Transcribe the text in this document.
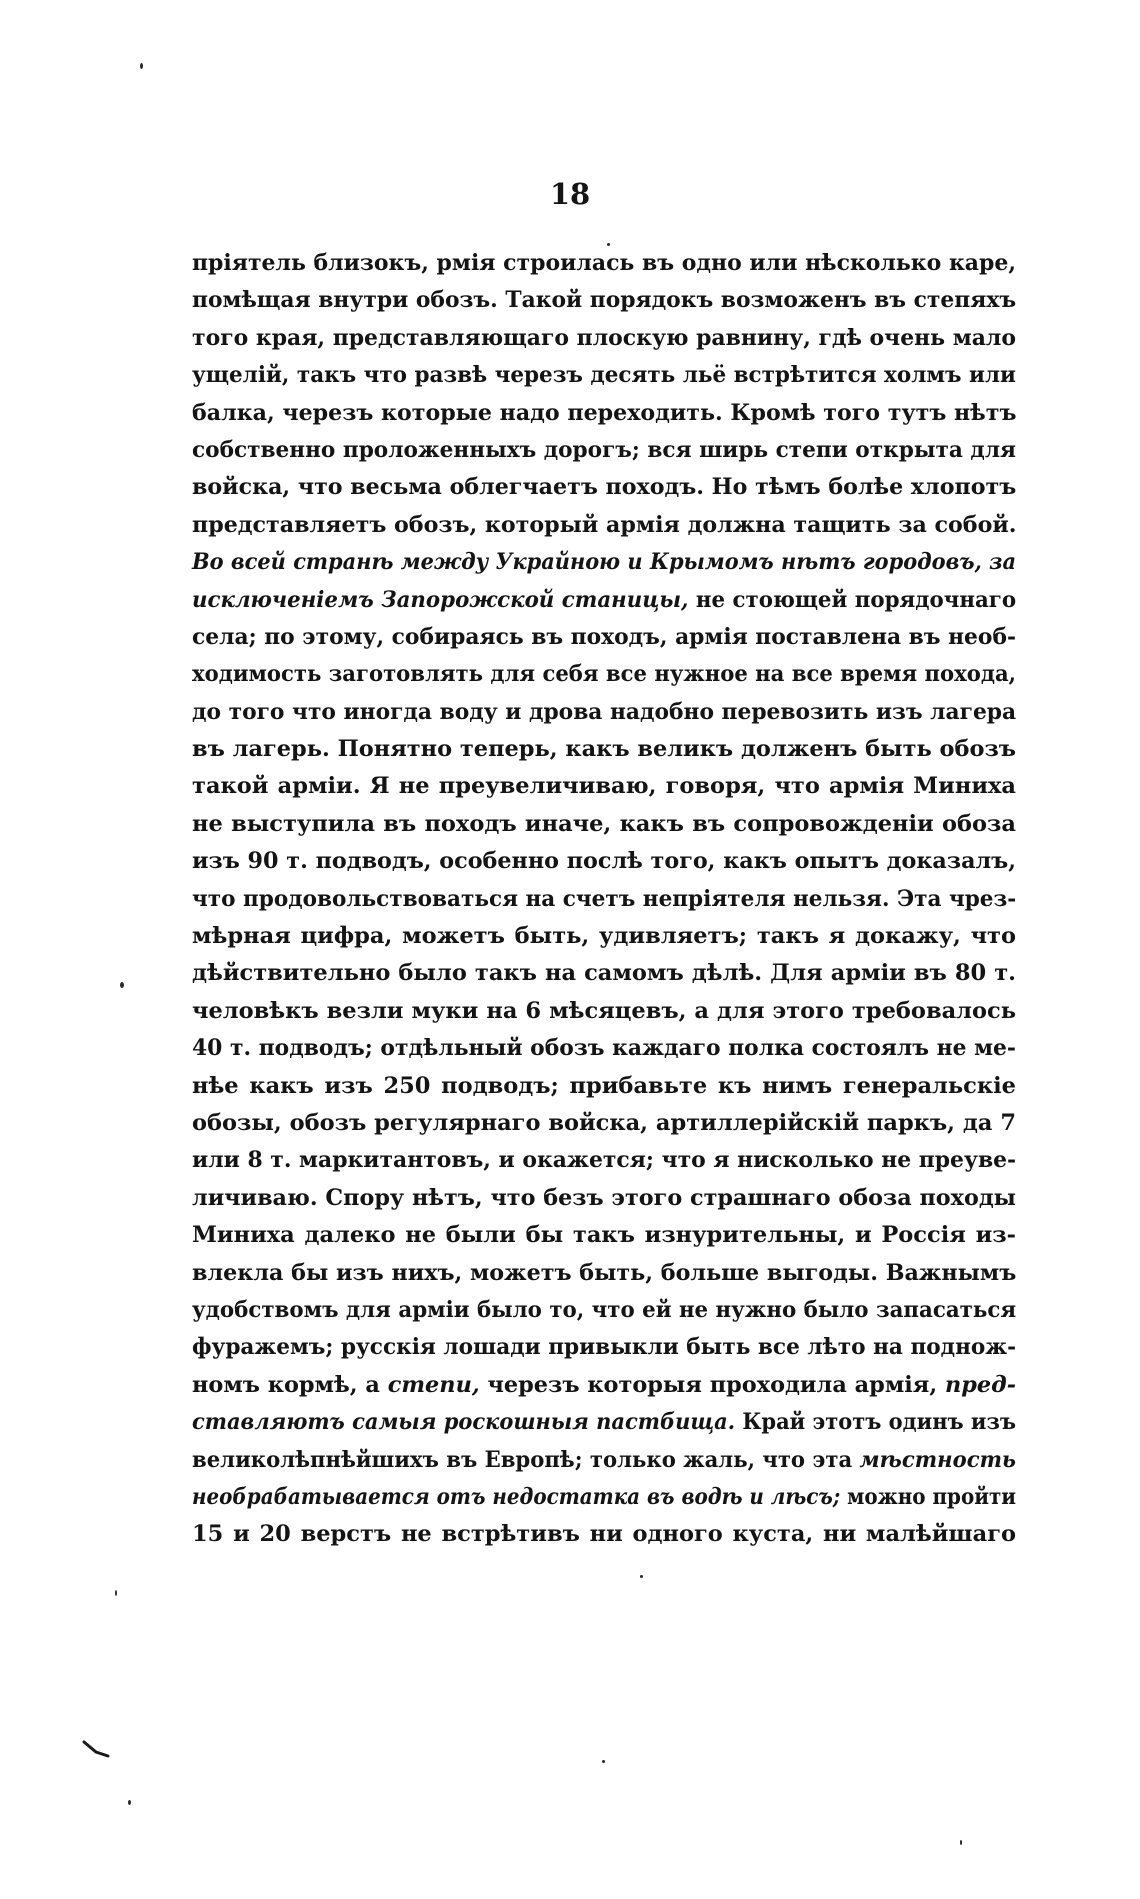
18
пріятель близокъ, рмія строилась въ одно или нѣсколько каре,
помѣщая внутри обозъ. Такой порядокъ возможенъ въ степяхъ
того края, представляющаго плоскую равнину, гдѣ очень мало
ущелій, такъ что развѣ черезъ десять льё встрѣтится холмъ или
балка, черезъ которые надо переходить. Кромѣ того тутъ нѣтъ
собственно проложенныхъ дорогъ; вся ширь степи открыта для
войска, что весьма облегчаетъ походъ. Но тѣмъ болѣе хлопотъ
представляетъ обозъ, который армія должна тащить за собой.
Во всей странѣ между Украйною и Крымомъ нѣтъ городовъ, за
исключеніемъ Запорожской станицы, не стоющей порядочнаго
села; по этому, собираясь въ походъ, армія поставлена въ необ-
ходимость заготовлять для себя все нужное на все время похода,
до того что иногда воду и дрова надобно перевозить изъ лагера
въ лагерь. Понятно теперь, какъ великъ долженъ быть обозъ
такой арміи. Я не преувеличиваю, говоря, что армія Миниха
не выступила въ походъ иначе, какъ въ сопровожденіи обоза
изъ 90 т. подводъ, особенно послѣ того, какъ опытъ доказалъ,
что продовольствоваться на счетъ непріятеля нельзя. Эта чрез-
мѣрная цифра, можетъ быть, удивляетъ; такъ я докажу, что
дѣйствительно было такъ на самомъ дѣлѣ. Для арміи въ 80 т.
человѣкъ везли муки на 6 мѣсяцевъ, а для этого требовалось
40 т. подводъ; отдѣльный обозъ каждаго полка состоялъ не ме-
нѣе какъ изъ 250 подводъ; прибавьте къ нимъ генеральскіе
обозы, обозъ регулярнаго войска, артиллерійскій паркъ, да 7
или 8 т. маркитантовъ, и окажется; что я нисколько не преуве-
личиваю. Спору нѣтъ, что безъ этого страшнаго обоза походы
Миниха далеко не были бы такъ изнурительны, и Россія из-
влекла бы изъ нихъ, можетъ быть, больше выгоды. Важнымъ
удобствомъ для арміи было то, что ей не нужно было запасаться
фуражемъ; русскія лошади привыкли быть все лѣто на поднож-
номъ кормѣ, а степи, черезъ которыя проходила армія, пред-
ставляютъ самыя роскошныя пастбища. Край этотъ одинъ изъ
великолѣпнѣйшихъ въ Европѣ; только жаль, что эта мѣстность
необрабатывается отъ недостатка въ водѣ и лѣсъ; можно пройти
15 и 20 верстъ не встрѣтивъ ни одного куста, ни малѣйшаго
